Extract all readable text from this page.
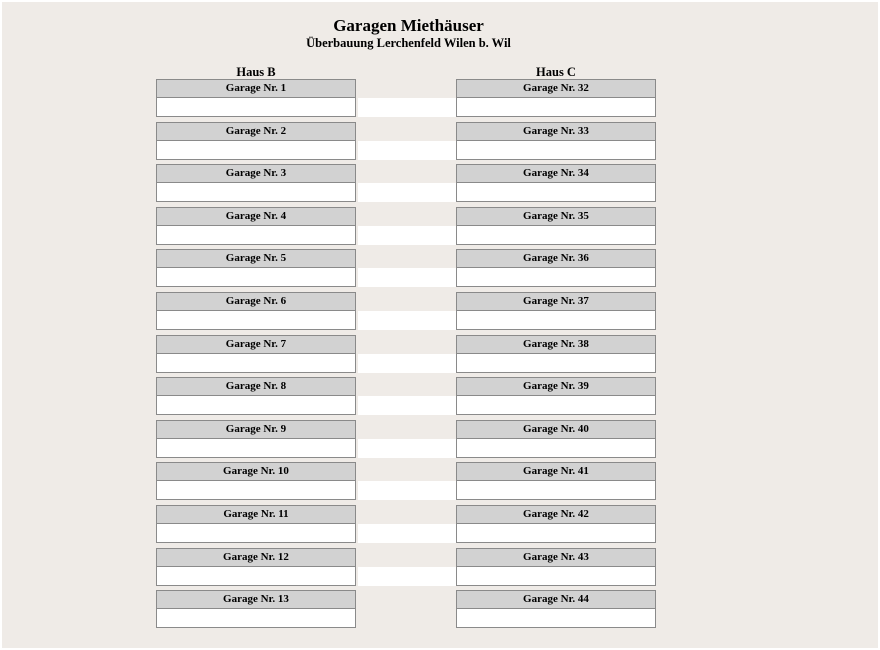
Garagen Miethäuser
Überbauung Lerchenfeld Wilen b. Wil
Haus B	Haus C
Garage Nr. 1
Garage Nr. 2
Garage Nr. 3
Garage Nr. 4
Garage Nr. 5
Garage Nr. 6
Garage Nr. 7
Garage Nr. 8
Garage Nr. 9
Garage Nr. 10
Garage Nr. 11
Garage Nr. 12
Garage Nr. 13
Garage Nr. 32
Garage Nr. 33
Garage Nr. 34
Garage Nr. 35
Garage Nr. 36
Garage Nr. 37
Garage Nr. 38
Garage Nr. 39
Garage Nr. 40
Garage Nr. 41
Garage Nr. 42
Garage Nr. 43
Garage Nr. 44
